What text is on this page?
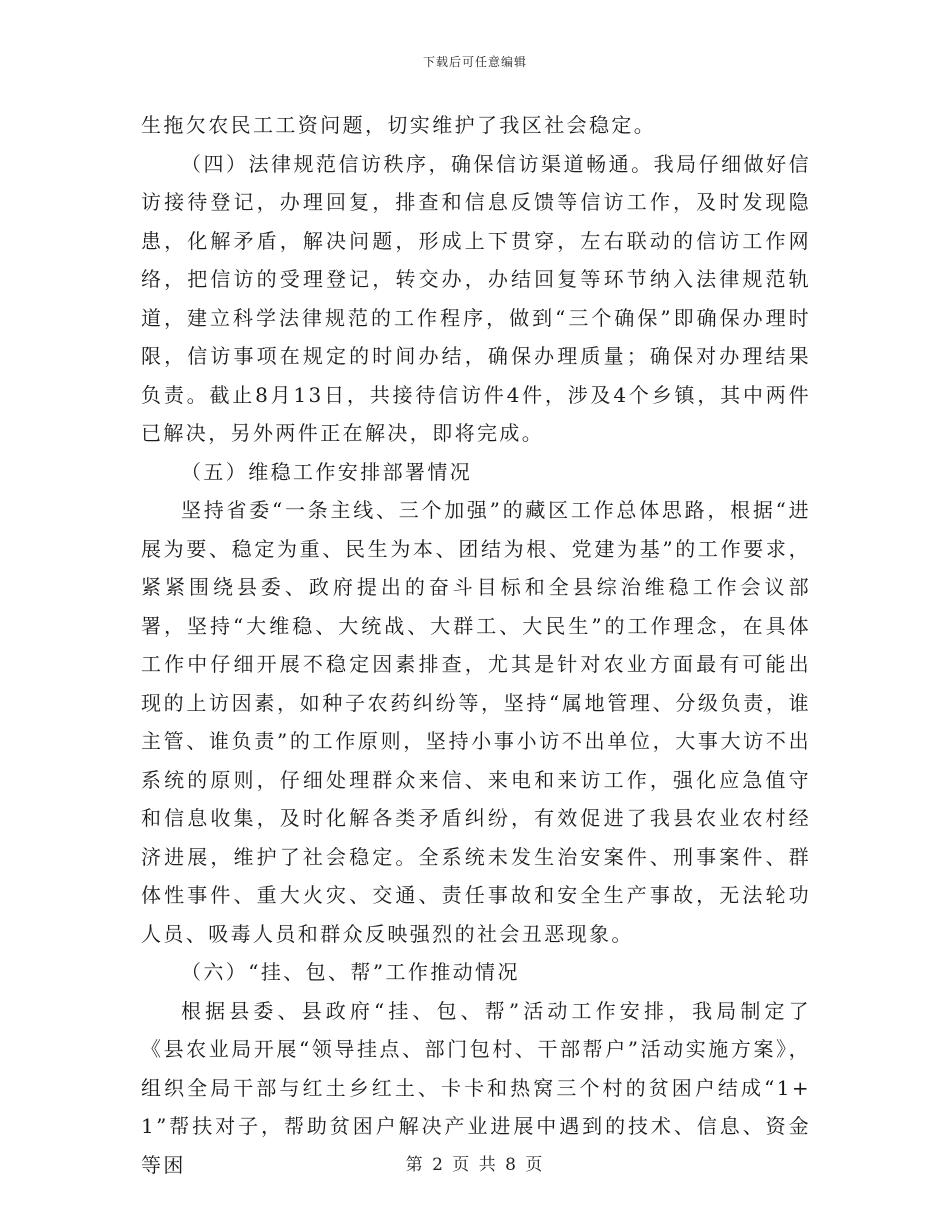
下载后可任意编辑

生拖欠农民工工资问题，切实维护了我区社会稳定。

（四）法律规范信访秩序，确保信访渠道畅通。我局仔细做好信访接待登记，办理回复，排查和信息反馈等信访工作，及时发现隐患，化解矛盾，解决问题，形成上下贯穿，左右联动的信访工作网络，把信访的受理登记，转交办，办结回复等环节纳入法律规范轨道，建立科学法律规范的工作程序，做到“三个确保”即确保办理时限，信访事项在规定的时间办结，确保办理质量；确保对办理结果负责。截止8月13日，共接待信访件4件，涉及4个乡镇，其中两件已解决，另外两件正在解决，即将完成。

（五）维稳工作安排部署情况

坚持省委“一条主线、三个加强”的藏区工作总体思路，根据“进展为要、稳定为重、民生为本、团结为根、党建为基”的工作要求，紧紧围绕县委、政府提出的奋斗目标和全县综治维稳工作会议部署，坚持“大维稳、大统战、大群工、大民生”的工作理念，在具体工作中仔细开展不稳定因素排查，尤其是针对农业方面最有可能出现的上访因素，如种子农药纠纷等，坚持“属地管理、分级负责，谁主管、谁负责”的工作原则，坚持小事小访不出单位，大事大访不出系统的原则，仔细处理群众来信、来电和来访工作，强化应急值守和信息收集，及时化解各类矛盾纠纷，有效促进了我县农业农村经济进展，维护了社会稳定。全系统未发生治安案件、刑事案件、群体性事件、重大火灾、交通、责任事故和安全生产事故，无法轮功人员、吸毒人员和群众反映强烈的社会丑恶现象。

（六）“挂、包、帮”工作推动情况

根据县委、县政府“挂、包、帮”活动工作安排，我局制定了《县农业局开展“领导挂点、部门包村、干部帮户”活动实施方案》，组织全局干部与红土乡红土、卡卡和热窝三个村的贫困户结成“1+1”帮扶对子，帮助贫困户解决产业进展中遇到的技术、信息、资金等困	第 2 页 共 8 页
